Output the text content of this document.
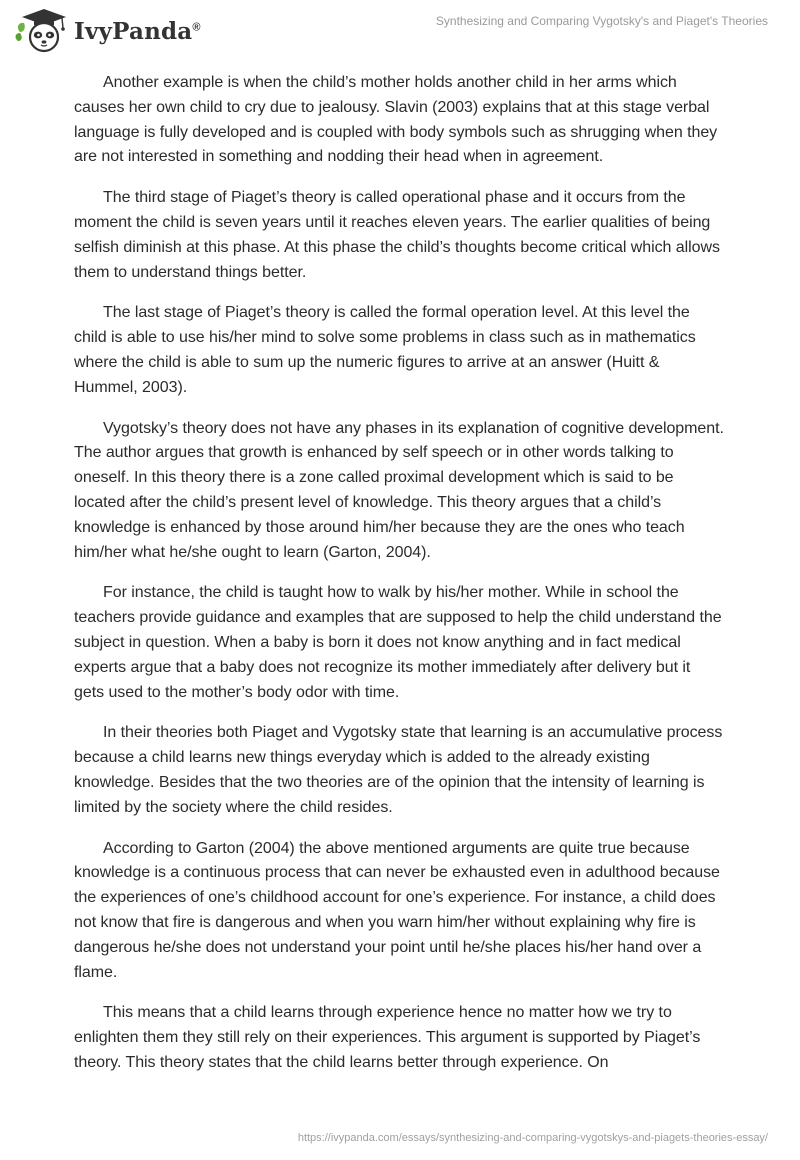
IvyPanda®	Synthesizing and Comparing Vygotsky's and Piaget's Theories

Another example is when the child’s mother holds another child in her arms which causes her own child to cry due to jealousy. Slavin (2003) explains that at this stage verbal language is fully developed and is coupled with body symbols such as shrugging when they are not interested in something and nodding their head when in agreement.

The third stage of Piaget’s theory is called operational phase and it occurs from the moment the child is seven years until it reaches eleven years. The earlier qualities of being selfish diminish at this phase. At this phase the child’s thoughts become critical which allows them to understand things better.

The last stage of Piaget’s theory is called the formal operation level. At this level the child is able to use his/her mind to solve some problems in class such as in mathematics where the child is able to sum up the numeric figures to arrive at an answer (Huitt & Hummel, 2003).

Vygotsky’s theory does not have any phases in its explanation of cognitive development. The author argues that growth is enhanced by self speech or in other words talking to oneself. In this theory there is a zone called proximal development which is said to be located after the child’s present level of knowledge. This theory argues that a child’s knowledge is enhanced by those around him/her because they are the ones who teach him/her what he/she ought to learn (Garton, 2004).

For instance, the child is taught how to walk by his/her mother. While in school the teachers provide guidance and examples that are supposed to help the child understand the subject in question. When a baby is born it does not know anything and in fact medical experts argue that a baby does not recognize its mother immediately after delivery but it gets used to the mother’s body odor with time.

In their theories both Piaget and Vygotsky state that learning is an accumulative process because a child learns new things everyday which is added to the already existing knowledge. Besides that the two theories are of the opinion that the intensity of learning is limited by the society where the child resides.

According to Garton (2004) the above mentioned arguments are quite true because knowledge is a continuous process that can never be exhausted even in adulthood because the experiences of one’s childhood account for one’s experience. For instance, a child does not know that fire is dangerous and when you warn him/her without explaining why fire is dangerous he/she does not understand your point until he/she places his/her hand over a flame.

This means that a child learns through experience hence no matter how we try to enlighten them they still rely on their experiences. This argument is supported by Piaget’s theory. This theory states that the child learns better through experience. On

https://ivypanda.com/essays/synthesizing-and-comparing-vygotskys-and-piagets-theories-essay/
